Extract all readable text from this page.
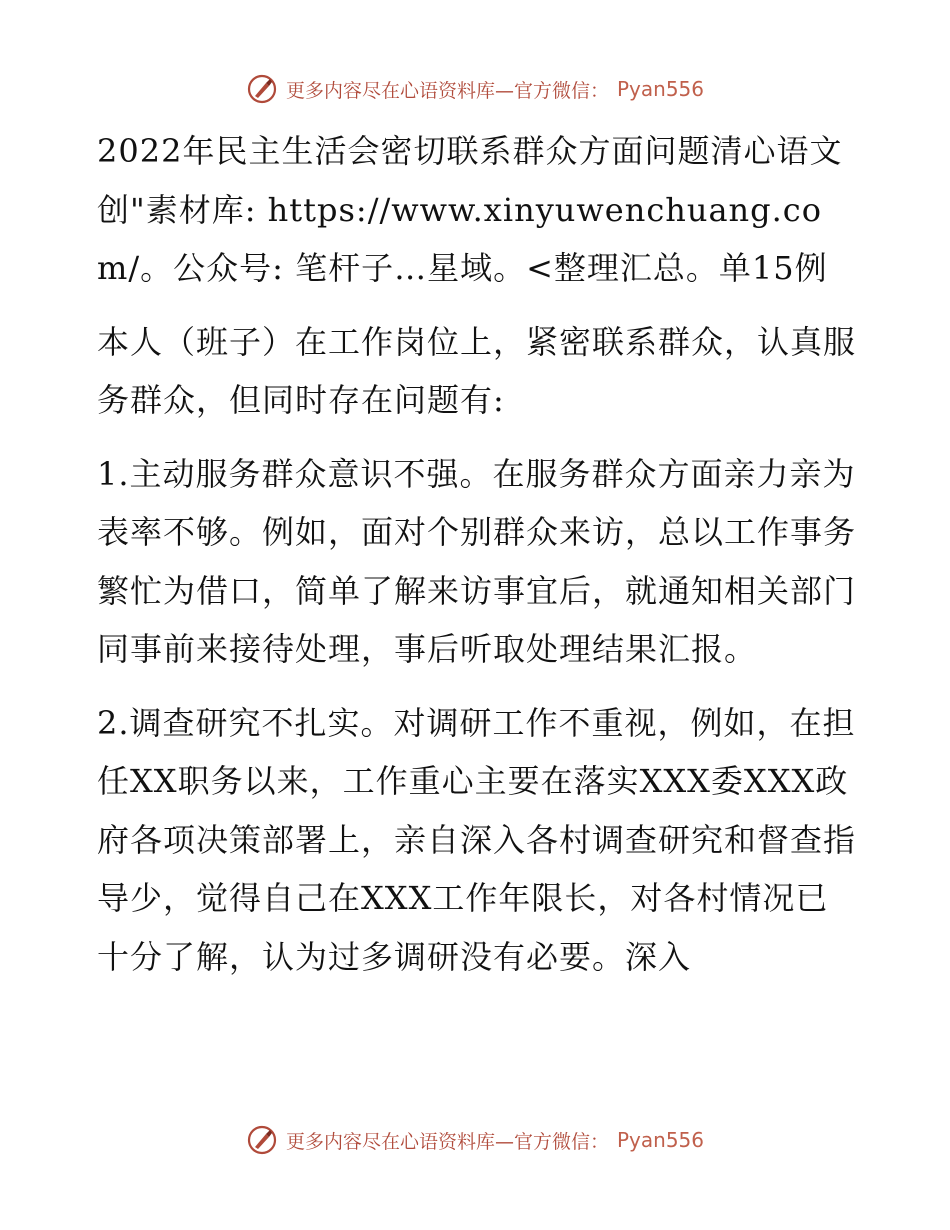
更多内容尽在心语资料库—官方微信： Pyan556

2022年民主生活会密切联系群众方面问题清心语文创"素材库: https://www.xinyuwenchuang.com/。公众号: 笔杆子…星域。<整理汇总。单15例

本人（班子）在工作岗位上，紧密联系群众，认真服务群众，但同时存在问题有:

1.主动服务群众意识不强。在服务群众方面亲力亲为表率不够。例如，面对个别群众来访，总以工作事务繁忙为借口，简单了解来访事宜后，就通知相关部门同事前来接待处理，事后听取处理结果汇报。

2.调查研究不扎实。对调研工作不重视，例如，在担任XX职务以来，工作重心主要在落实XXX委XXX政府各项决策部署上，亲自深入各村调查研究和督查指导少，觉得自己在XXX工作年限长，对各村情况已十分了解，认为过多调研没有必要。深入

更多内容尽在心语资料库—官方微信： Pyan556
